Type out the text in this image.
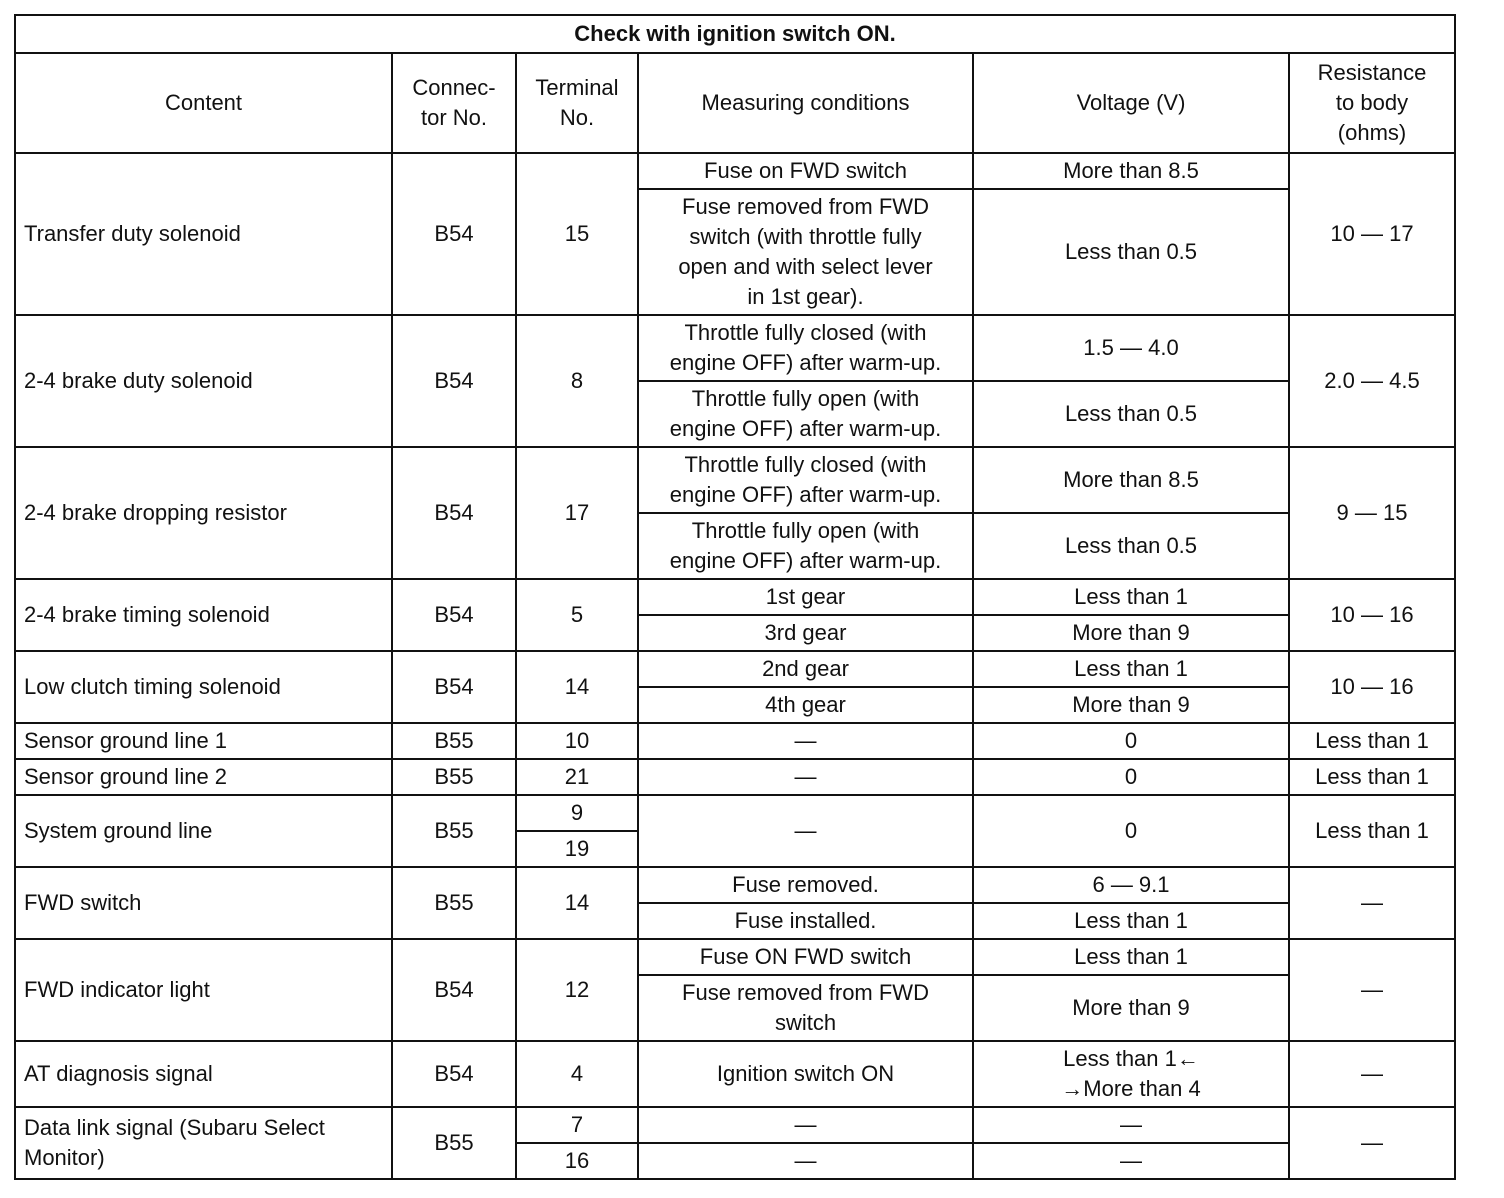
Check with ignition switch ON.					
Content	Connec-
tor No.	Terminal
No.	Measuring conditions	Voltage (V)	Resistance
to body
(ohms)
Transfer duty solenoid	B54	15	Fuse on FWD switch	More than 8.5	10 — 17
			Fuse removed from FWD
switch (with throttle fully
open and with select lever
in 1st gear).	Less than 0.5	
2-4 brake duty solenoid	B54	8	Throttle fully closed (with
engine OFF) after warm-up.	1.5 — 4.0	2.0 — 4.5
			Throttle fully open (with
engine OFF) after warm-up.	Less than 0.5	
2-4 brake dropping resistor	B54	17	Throttle fully closed (with
engine OFF) after warm-up.	More than 8.5	9 — 15
			Throttle fully open (with
engine OFF) after warm-up.	Less than 0.5	
2-4 brake timing solenoid	B54	5	1st gear	Less than 1	10 — 16
			3rd gear	More than 9	
Low clutch timing solenoid	B54	14	2nd gear	Less than 1	10 — 16
			4th gear	More than 9	
Sensor ground line 1	B55	10	—	0	Less than 1
Sensor ground line 2	B55	21	—	0	Less than 1
System ground line	B55	9	—	0	Less than 1
		19			
FWD switch	B55	14	Fuse removed.	6 — 9.1	—
			Fuse installed.	Less than 1	
FWD indicator light	B54	12	Fuse ON FWD switch	Less than 1	—
			Fuse removed from FWD
switch	More than 9	
AT diagnosis signal	B54	4	Ignition switch ON	Less than 1←
→More than 4	—
Data link signal (Subaru Select
Monitor)	B55	7	—	—	—
		16	—	—	
